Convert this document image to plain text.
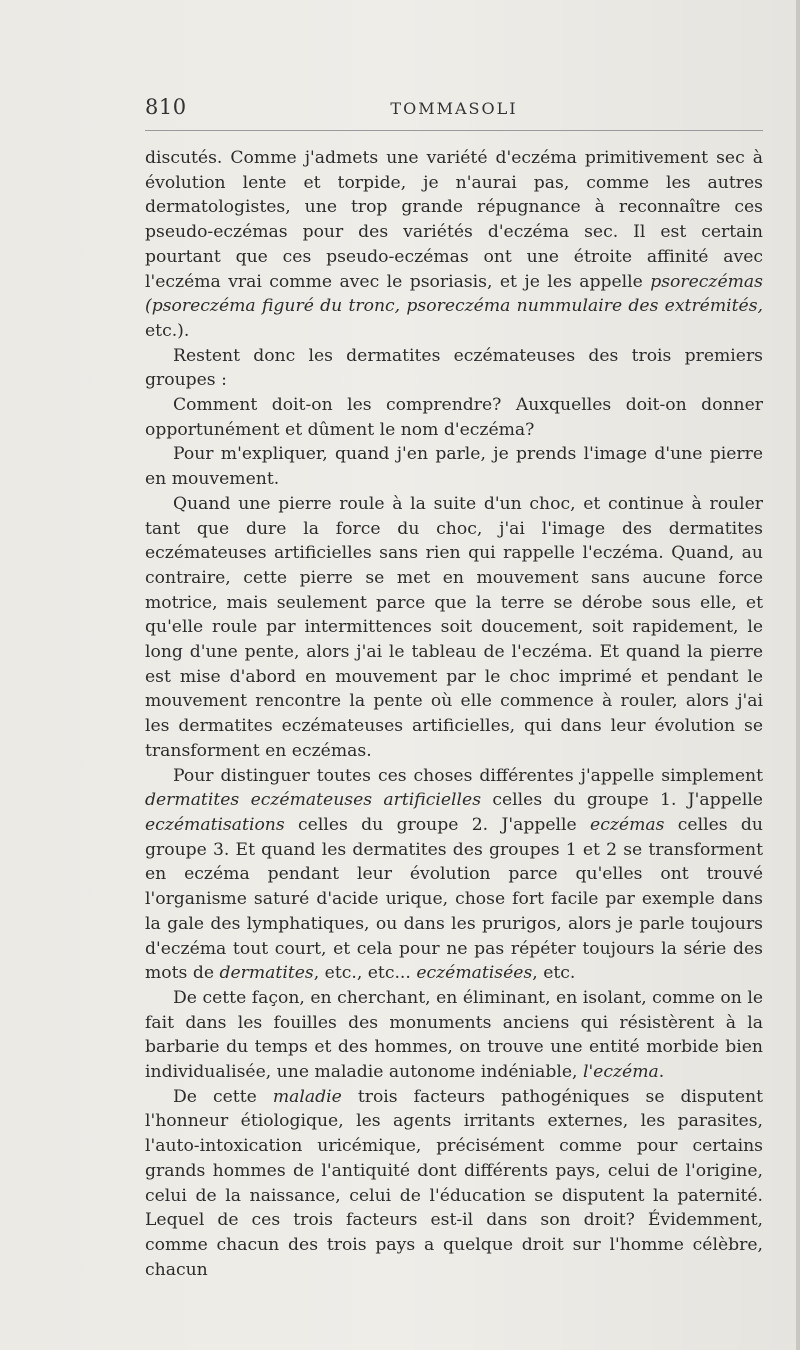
810	TOMMASOLI

discutés. Comme j'admets une variété d'eczéma primitivement sec à évolution lente et torpide, je n'aurai pas, comme les autres dermatologistes, une trop grande répugnance à reconnaître ces pseudo-eczémas pour des variétés d'eczéma sec. Il est certain pourtant que ces pseudo-eczémas ont une étroite affinité avec l'eczéma vrai comme avec le psoriasis, et je les appelle psoreczémas (psoreczéma figuré du tronc, psoreczéma nummulaire des extrémités, etc.).

Restent donc les dermatites eczémateuses des trois premiers groupes :

Comment doit-on les comprendre? Auxquelles doit-on donner opportunément et dûment le nom d'eczéma?

Pour m'expliquer, quand j'en parle, je prends l'image d'une pierre en mouvement.

Quand une pierre roule à la suite d'un choc, et continue à rouler tant que dure la force du choc, j'ai l'image des dermatites eczémateuses artificielles sans rien qui rappelle l'eczéma. Quand, au contraire, cette pierre se met en mouvement sans aucune force motrice, mais seulement parce que la terre se dérobe sous elle, et qu'elle roule par intermittences soit doucement, soit rapidement, le long d'une pente, alors j'ai le tableau de l'eczéma. Et quand la pierre est mise d'abord en mouvement par le choc imprimé et pendant le mouvement rencontre la pente où elle commence à rouler, alors j'ai les dermatites eczémateuses artificielles, qui dans leur évolution se transforment en eczémas.

Pour distinguer toutes ces choses différentes j'appelle simplement dermatites eczémateuses artificielles celles du groupe 1. J'appelle eczématisations celles du groupe 2. J'appelle eczémas celles du groupe 3. Et quand les dermatites des groupes 1 et 2 se transforment en eczéma pendant leur évolution parce qu'elles ont trouvé l'organisme saturé d'acide urique, chose fort facile par exemple dans la gale des lymphatiques, ou dans les prurigos, alors je parle toujours d'eczéma tout court, et cela pour ne pas répéter toujours la série des mots de dermatites, etc., etc... eczématisées, etc.

De cette façon, en cherchant, en éliminant, en isolant, comme on le fait dans les fouilles des monuments anciens qui résistèrent à la barbarie du temps et des hommes, on trouve une entité morbide bien individualisée, une maladie autonome indéniable, l'eczéma.

De cette maladie trois facteurs pathogéniques se disputent l'honneur étiologique, les agents irritants externes, les parasites, l'auto-intoxication uricémique, précisément comme pour certains grands hommes de l'antiquité dont différents pays, celui de l'origine, celui de la naissance, celui de l'éducation se disputent la paternité. Lequel de ces trois facteurs est-il dans son droit? Évidemment, comme chacun des trois pays a quelque droit sur l'homme célèbre, chacun
